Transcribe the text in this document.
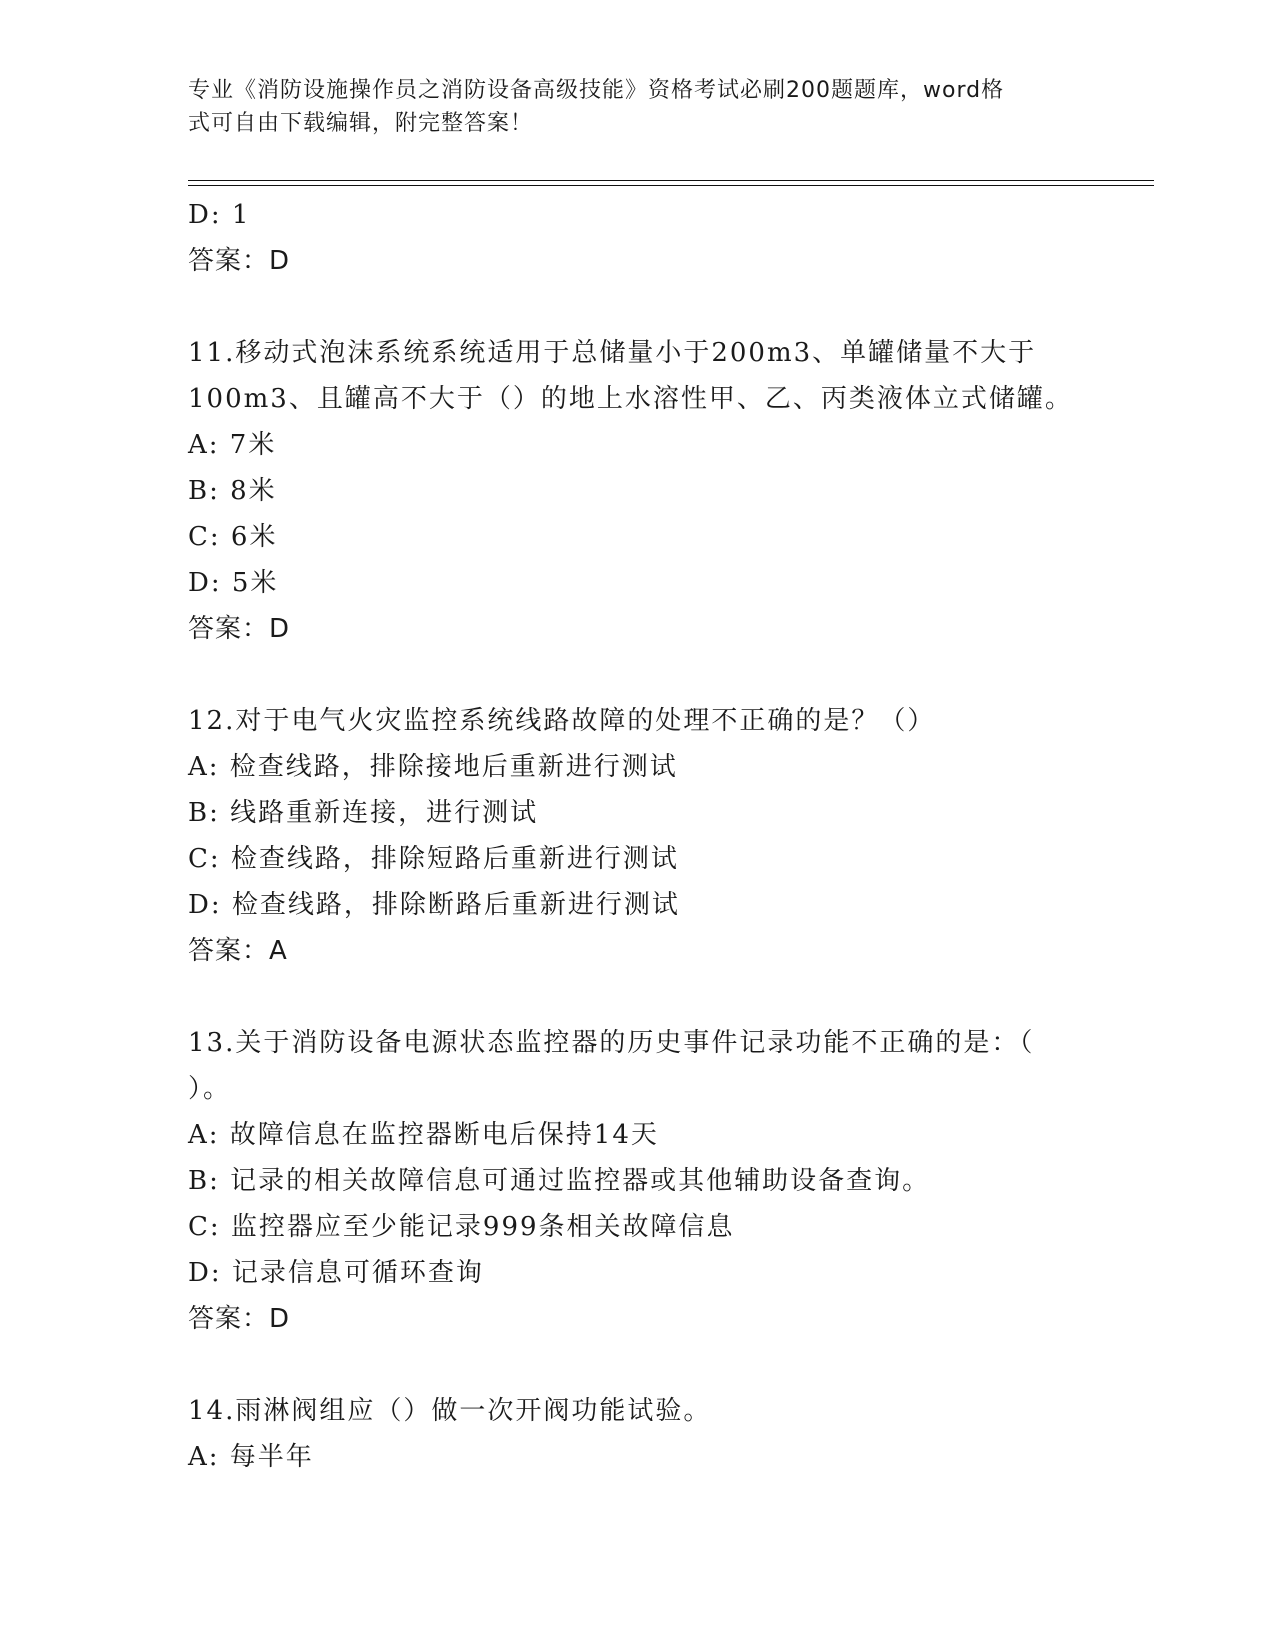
专业《消防设施操作员之消防设备高级技能》资格考试必刷200题题库，word格
式可自由下载编辑，附完整答案！
D: 1
答案：D
11.移动式泡沫系统系统适用于总储量小于200m3、单罐储量不大于
100m3、且罐高不大于（）的地上水溶性甲、乙、丙类液体立式储罐。
A: 7米
B: 8米
C: 6米
D: 5米
答案：D
12.对于电气火灾监控系统线路故障的处理不正确的是？（）
A: 检查线路，排除接地后重新进行测试
B: 线路重新连接，进行测试
C: 检查线路，排除短路后重新进行测试
D: 检查线路，排除断路后重新进行测试
答案：A
13.关于消防设备电源状态监控器的历史事件记录功能不正确的是：（
）。
A: 故障信息在监控器断电后保持14天
B: 记录的相关故障信息可通过监控器或其他辅助设备查询。
C: 监控器应至少能记录999条相关故障信息
D: 记录信息可循环查询
答案：D
14.雨淋阀组应（）做一次开阀功能试验。
A: 每半年
